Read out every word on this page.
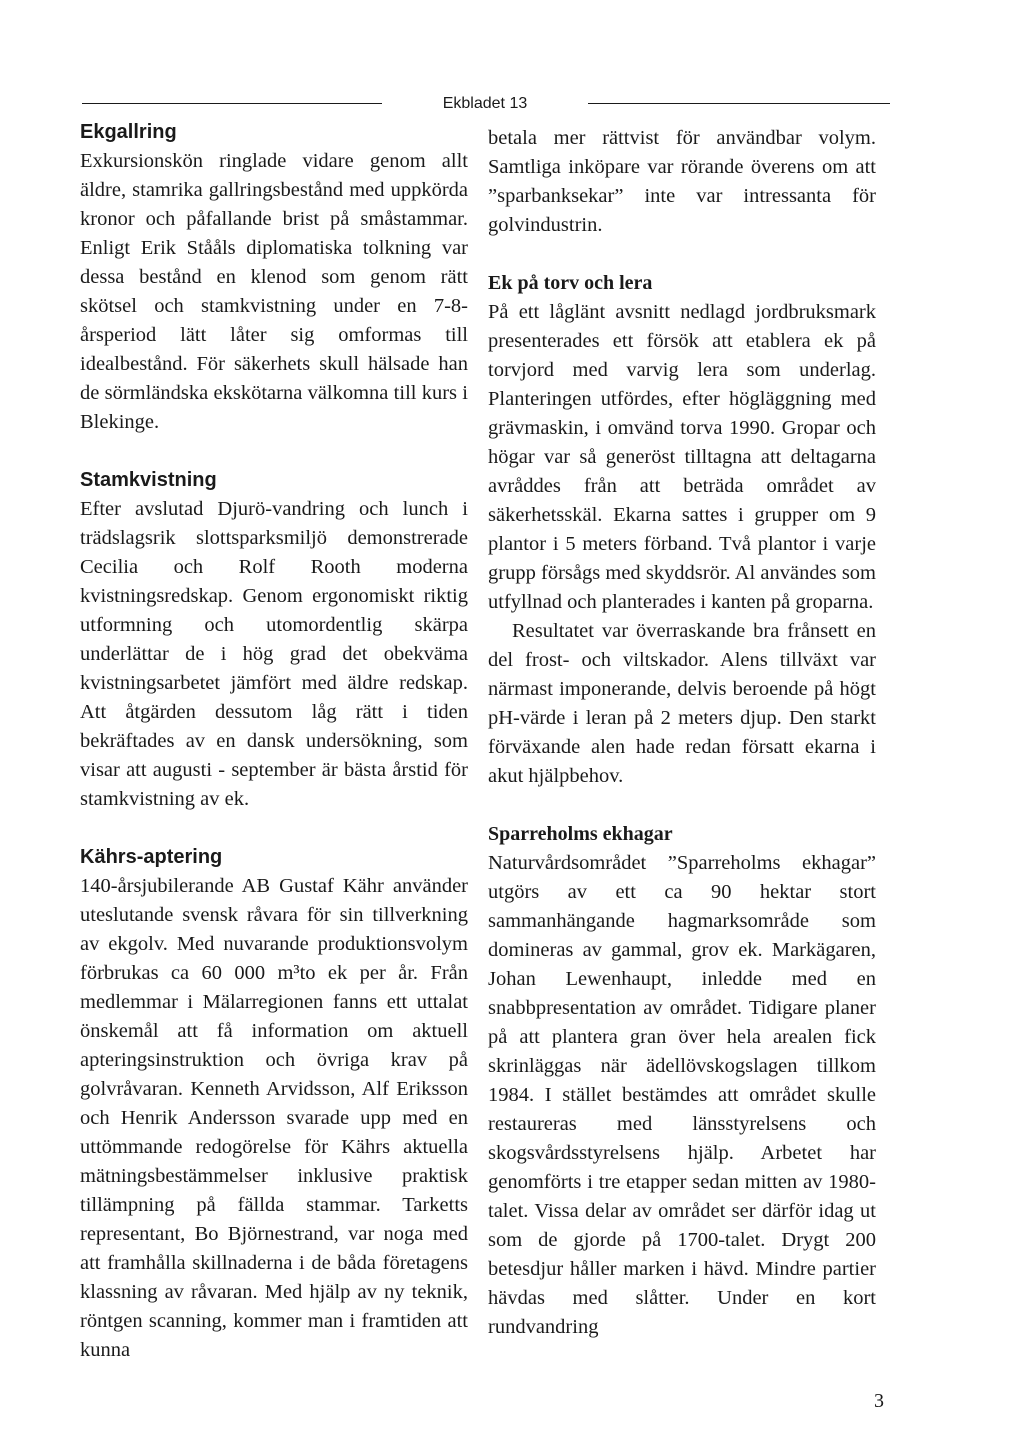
Ekbladet 13
Ekgallring

Exkursionskön ringlade vidare genom allt äldre, stamrika gallringsbestånd med uppkörda kronor och påfallande brist på småstammar. Enligt Erik Stååls diplomatiska tolkning var dessa bestånd en klenod som genom rätt skötsel och stamkvistning under en 7-8-årsperiod lätt låter sig omformas till idealbestånd. För säkerhets skull hälsade han de sörmländska ekskötarna välkomna till kurs i Blekinge.

Stamkvistning

Efter avslutad Djurö-vandring och lunch i trädslagsrik slottsparksmiljö demonstrerade Cecilia och Rolf Rooth moderna kvistningsredskap. Genom ergonomiskt riktig utformning och utomordentlig skärpa underlättar de i hög grad det obekväma kvistningsarbetet jämfört med äldre redskap. Att åtgärden dessutom låg rätt i tiden bekräftades av en dansk undersökning, som visar att augusti - september är bästa årstid för stamkvistning av ek.

Kährs-aptering

140-årsjubilerande AB Gustaf Kähr använder uteslutande svensk råvara för sin tillverkning av ekgolv. Med nuvarande produktionsvolym förbrukas ca 60 000 m³to ek per år. Från medlemmar i Mälarregionen fanns ett uttalat önskemål att få information om aktuell apteringsinstruktion och övriga krav på golvråvaran. Kenneth Arvidsson, Alf Eriksson och Henrik Andersson svarade upp med en uttömmande redogörelse för Kährs aktuella mätningsbestämmelser inklusive praktisk tillämpning på fällda stammar. Tarketts representant, Bo Björnestrand, var noga med att framhålla skillnaderna i de båda företagens klassning av råvaran. Med hjälp av ny teknik, röntgen scanning, kommer man i framtiden att kunna

betala mer rättvist för användbar volym. Samtliga inköpare var rörande överens om att ”sparbanksekar” inte var intressanta för golvindustrin.

Ek på torv och lera

På ett låglänt avsnitt nedlagd jordbruksmark presenterades ett försök att etablera ek på torvjord med varvig lera som underlag. Planteringen utfördes, efter högläggning med grävmaskin, i omvänd torva 1990. Gropar och högar var så generöst tilltagna att deltagarna avråddes från att beträda området av säkerhetsskäl. Ekarna sattes i grupper om 9 plantor i 5 meters förband. Två plantor i varje grupp försågs med skyddsrör. Al användes som utfyllnad och planterades i kanten på groparna.

Resultatet var överraskande bra frånsett en del frost- och viltskador. Alens tillväxt var närmast imponerande, delvis beroende på högt pH-värde i leran på 2 meters djup. Den starkt förväxande alen hade redan försatt ekarna i akut hjälpbehov.

Sparreholms ekhagar

Naturvårdsområdet ”Sparreholms ekhagar” utgörs av ett ca 90 hektar stort sammanhängande hagmarksområde som domineras av gammal, grov ek. Markägaren, Johan Lewenhaupt, inledde med en snabbpresentation av området. Tidigare planer på att plantera gran över hela arealen fick skrinläggas när ädellövskogslagen tillkom 1984. I stället bestämdes att området skulle restaureras med länsstyrelsens och skogsvårdsstyrelsens hjälp. Arbetet har genomförts i tre etapper sedan mitten av 1980-talet. Vissa delar av området ser därför idag ut som de gjorde på 1700-talet. Drygt 200 betesdjur håller marken i hävd. Mindre partier hävdas med slåtter. Under en kort rundvandring

3
